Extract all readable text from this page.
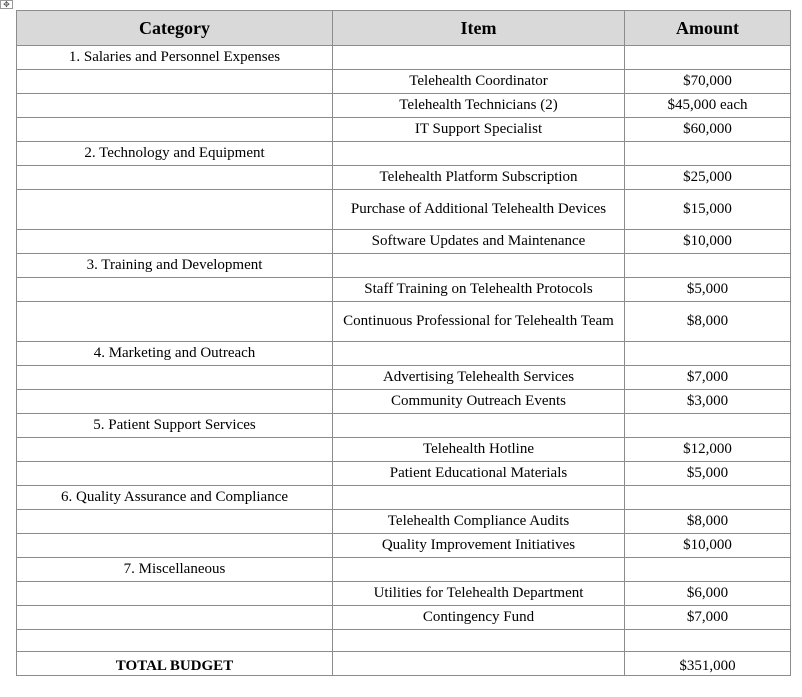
✥
Category	Item	Amount
1. Salaries and Personnel Expenses		
	Telehealth Coordinator	$70,000
	Telehealth Technicians (2)	$45,000 each
	IT Support Specialist	$60,000
2. Technology and Equipment		
	Telehealth Platform Subscription	$25,000
	Purchase of Additional Telehealth Devices	$15,000
	Software Updates and Maintenance	$10,000
3. Training and Development		
	Staff Training on Telehealth Protocols	$5,000
	Continuous Professional for Telehealth Team	$8,000
4. Marketing and Outreach		
	Advertising Telehealth Services	$7,000
	Community Outreach Events	$3,000
5. Patient Support Services		
	Telehealth Hotline	$12,000
	Patient Educational Materials	$5,000
6. Quality Assurance and Compliance		
	Telehealth Compliance Audits	$8,000
	Quality Improvement Initiatives	$10,000
7. Miscellaneous		
	Utilities for Telehealth Department	$6,000
	Contingency Fund	$7,000

TOTAL BUDGET		$351,000
